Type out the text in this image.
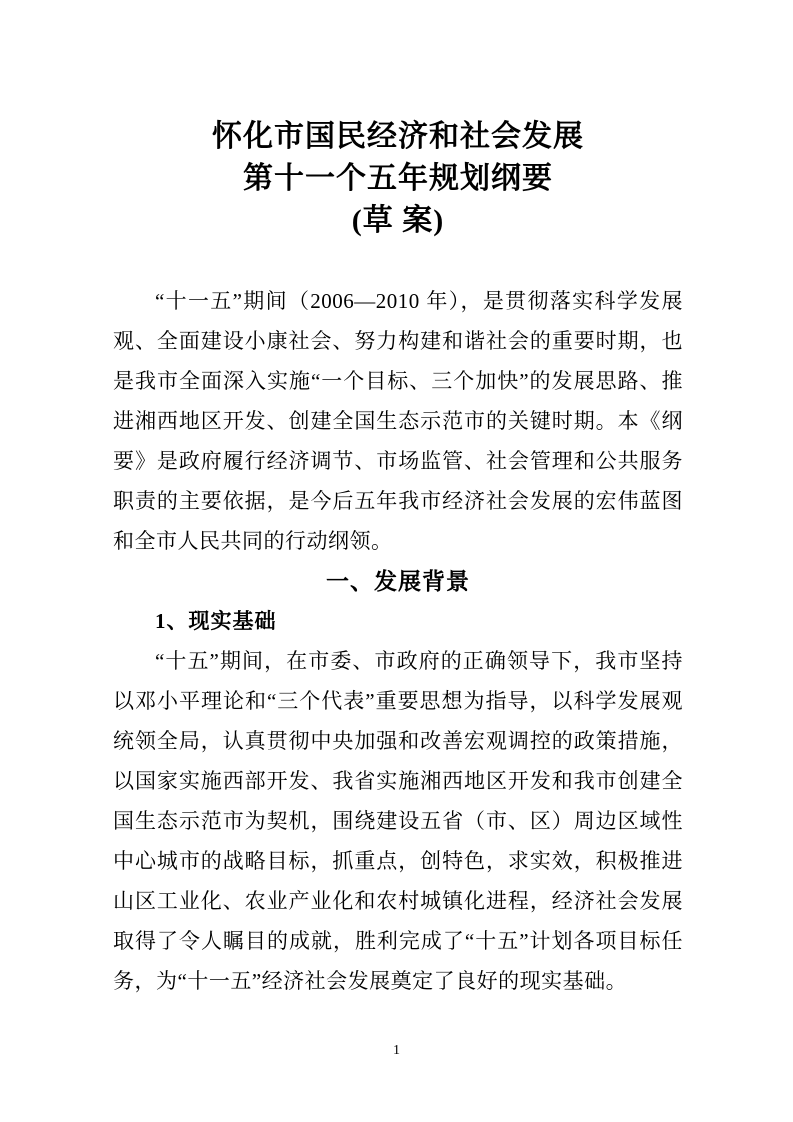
怀化市国民经济和社会发展
第十一个五年规划纲要
(草 案)

“十一五”期间（2006—2010 年），是贯彻落实科学发展观、全面建设小康社会、努力构建和谐社会的重要时期，也是我市全面深入实施“一个目标、三个加快”的发展思路、推进湘西地区开发、创建全国生态示范市的关键时期。本《纲要》是政府履行经济调节、市场监管、社会管理和公共服务职责的主要依据，是今后五年我市经济社会发展的宏伟蓝图和全市人民共同的行动纲领。

一、发展背景
1、现实基础

“十五”期间，在市委、市政府的正确领导下，我市坚持以邓小平理论和“三个代表”重要思想为指导，以科学发展观统领全局，认真贯彻中央加强和改善宏观调控的政策措施，以国家实施西部开发、我省实施湘西地区开发和我市创建全国生态示范市为契机，围绕建设五省（市、区）周边区域性中心城市的战略目标，抓重点，创特色，求实效，积极推进山区工业化、农业产业化和农村城镇化进程，经济社会发展取得了令人瞩目的成就，胜利完成了“十五”计划各项目标任务，为“十一五”经济社会发展奠定了良好的现实基础。

1
